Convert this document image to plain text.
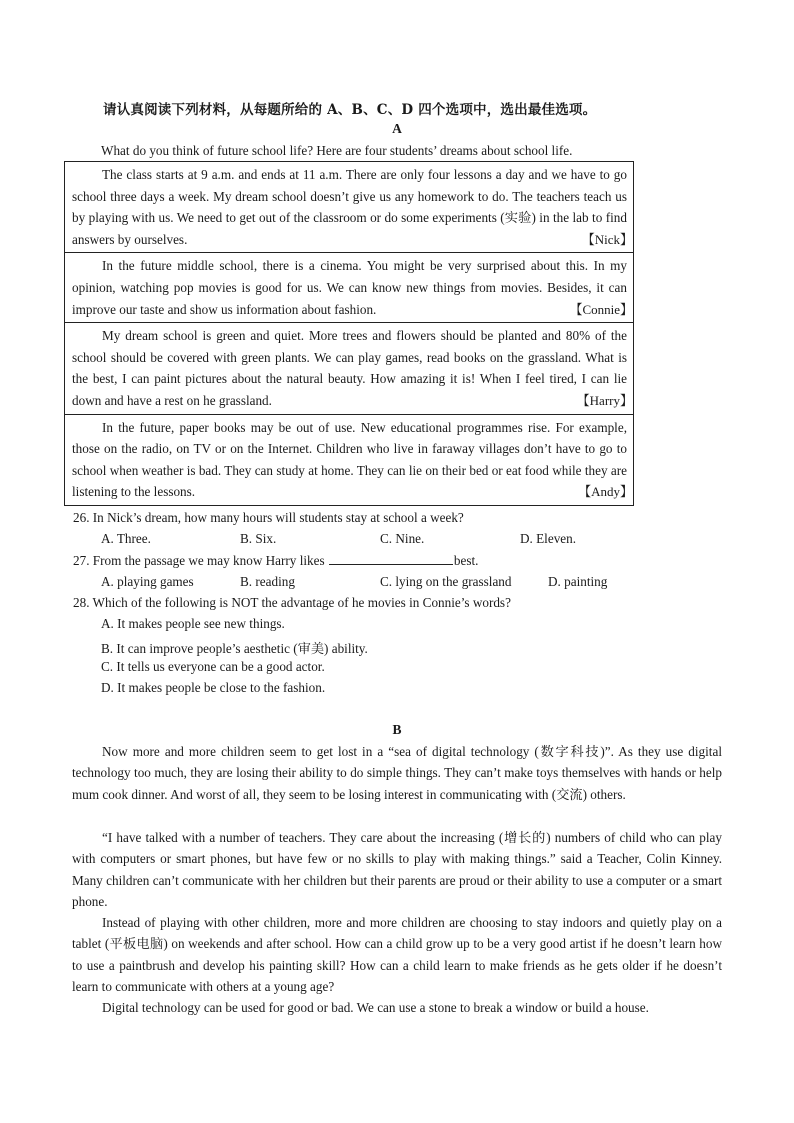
请认真阅读下列材料，从每题所给的 A、B、C、D 四个选项中，选出最佳选项。
A
What do you think of future school life? Here are four students’ dreams about school life.

The class starts at 9 a.m. and ends at 11 a.m. There are only four lessons a day and we have to go school three days a week. My dream school doesn’t give us any homework to do. The teachers teach us by playing with us. We need to get out of the classroom or do some experiments (实验) in the lab to find answers by ourselves.	【Nick】

In the future middle school, there is a cinema. You might be very surprised about this. In my opinion, watching pop movies is good for us. We can know new things from movies. Besides, it can improve our taste and show us information about fashion.	【Connie】

My dream school is green and quiet. More trees and flowers should be planted and 80% of the school should be covered with green plants. We can play games, read books on the grassland. What is the best, I can paint pictures about the natural beauty. How amazing it is! When I feel tired, I can lie down and have a rest on he grassland.	【Harry】

In the future, paper books may be out of use. New educational programmes rise. For example, those on the radio, on TV or on the Internet. Children who live in faraway villages don’t have to go to school when weather is bad. They can study at home. They can lie on their bed or eat food while they are listening to the lessons.	【Andy】
26. In Nick’s dream, how many hours will students stay at school a week?
A. Three.	B. Six.	C. Nine.	D. Eleven.
27. From the passage we may know Harry likes	best.
A. playing games	B. reading	C. lying on the grassland	D. painting
28. Which of the following is NOT the advantage of he movies in Connie’s words?
A. It makes people see new things.
B. It can improve people’s aesthetic (审美) ability.
C. It tells us everyone can be a good actor.
D. It makes people be close to the fashion.
B

Now more and more children seem to get lost in a “sea of digital technology (数字科技)”. As they use digital technology too much, they are losing their ability to do simple things. They can’t make toys themselves with hands or help mum cook dinner. And worst of all, they seem to be losing interest in communicating with (交流) others.

“I have talked with a number of teachers. They care about the increasing (增长的) numbers of child who can play with computers or smart phones, but have few or no skills to play with making things.” said a Teacher, Colin Kinney. Many children can’t communicate with her children but their parents are proud or their ability to use a computer or a smart phone.

Instead of playing with other children, more and more children are choosing to stay indoors and quietly play on a tablet (平板电脑) on weekends and after school. How can a child grow up to be a very good artist if he doesn’t learn how to use a paintbrush and develop his painting skill? How can a child learn to make friends as he gets older if he doesn’t learn to communicate with others at a young age?

Digital technology can be used for good or bad. We can use a stone to break a window or build a house.
